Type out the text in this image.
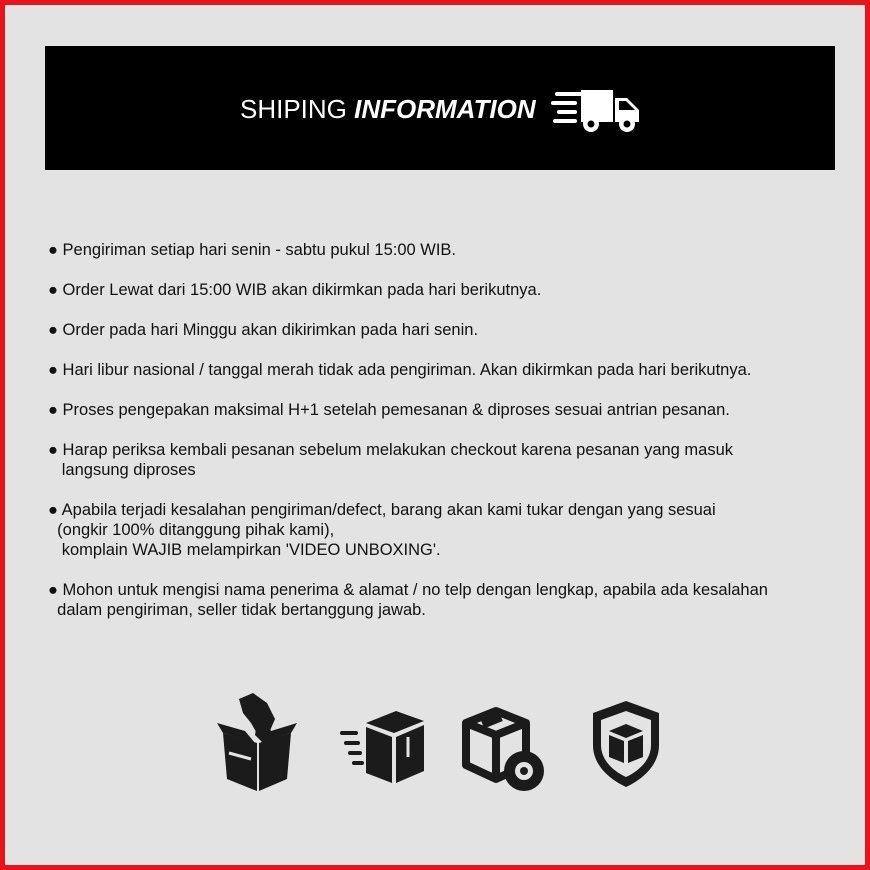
SHIPING INFORMATION
● Pengiriman setiap hari senin - sabtu pukul 15:00 WIB.
● Order Lewat dari 15:00 WIB akan dikirmkan pada hari berikutnya.
● Order pada hari Minggu akan dikirimkan pada hari senin.
● Hari libur nasional / tanggal merah tidak ada pengiriman. Akan dikirmkan pada hari berikutnya.
● Proses pengepakan maksimal H+1 setelah pemesanan & diproses sesuai antrian pesanan.
● Harap periksa kembali pesanan sebelum melakukan checkout karena pesanan yang masuk
langsung diproses
● Apabila terjadi kesalahan pengiriman/defect, barang akan kami tukar dengan yang sesuai
(ongkir 100% ditanggung pihak kami),
komplain WAJIB melampirkan 'VIDEO UNBOXING'.
● Mohon untuk mengisi nama penerima & alamat / no telp dengan lengkap, apabila ada kesalahan
dalam pengiriman, seller tidak bertanggung jawab.
